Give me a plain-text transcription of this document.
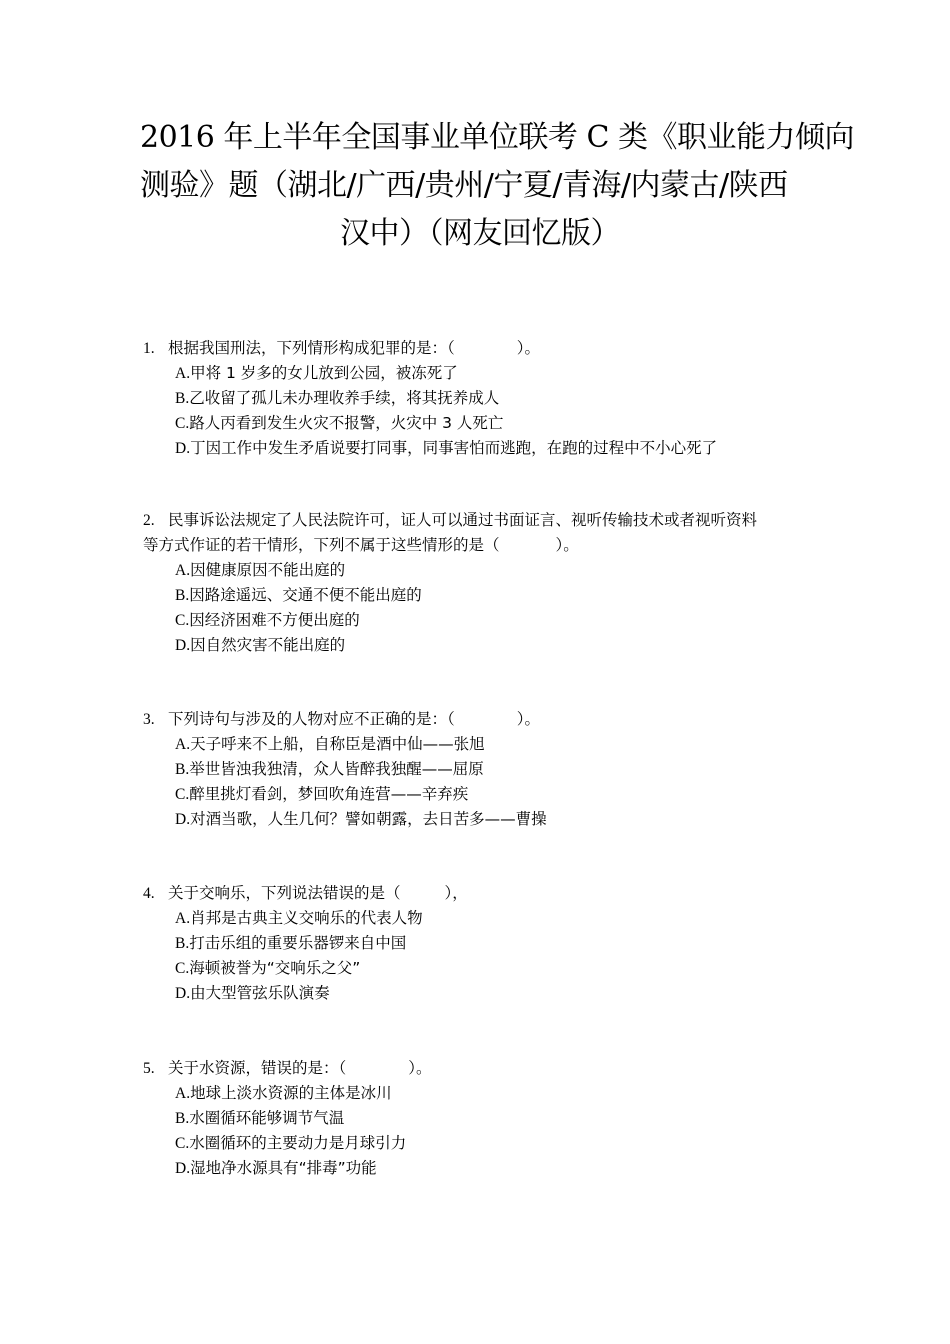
2016 年上半年全国事业单位联考 C 类《职业能力倾向
测验》题（湖北/广西/贵州/宁夏/青海/内蒙古/陕西
汉中）（网友回忆版）
1. 根据我国刑法，下列情形构成犯罪的是：（	）。
A.甲将 1 岁多的女儿放到公园，被冻死了
B.乙收留了孤儿未办理收养手续，将其抚养成人
C.路人丙看到发生火灾不报警，火灾中 3 人死亡
D.丁因工作中发生矛盾说要打同事，同事害怕而逃跑，在跑的过程中不小心死了
2. 民事诉讼法规定了人民法院许可，证人可以通过书面证言、视听传输技术或者视听资料
等方式作证的若干情形，下列不属于这些情形的是（	）。
A.因健康原因不能出庭的
B.因路途遥远、交通不便不能出庭的
C.因经济困难不方便出庭的
D.因自然灾害不能出庭的
3. 下列诗句与涉及的人物对应不正确的是：（	）。
A.天子呼来不上船，自称臣是酒中仙——张旭
B.举世皆浊我独清，众人皆醉我独醒——屈原
C.醉里挑灯看剑，梦回吹角连营——辛弃疾
D.对酒当歌，人生几何？譬如朝露，去日苦多——曹操
4. 关于交响乐，下列说法错误的是（	），
A.肖邦是古典主义交响乐的代表人物
B.打击乐组的重要乐器锣来自中国
C.海顿被誉为“交响乐之父”
D.由大型管弦乐队演奏
5. 关于水资源，错误的是：（	）。
A.地球上淡水资源的主体是冰川
B.水圈循环能够调节气温
C.水圈循环的主要动力是月球引力
D.湿地净水源具有“排毒”功能
